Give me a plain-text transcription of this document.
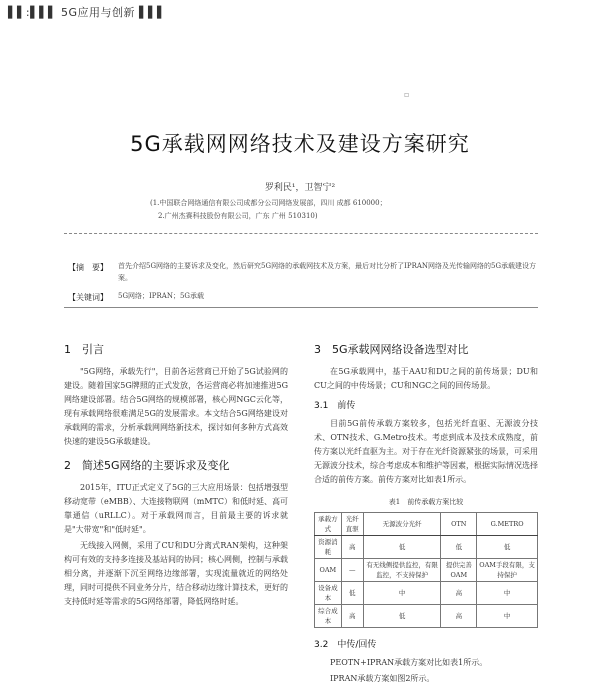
▌▌:▌▌▌ 5G应用与创新 ▌▌▌
▫
5G承载网网络技术及建设方案研究
罗利民¹，卫智宁²
(1.中国联合网络通信有限公司成都分公司网络发展部，四川 成都 610000；
2.广州杰赛科技股份有限公司，广东 广州 510310)
【摘　要】 首先介绍5G网络的主要诉求及变化，然后研究5G网络的承载网技术及方案，最后对比分析了IPRAN网络及光传输网络的5G承载建设方案。
【关键词】 5G网络；IPRAN；5G承载
1　引言

"5G网络，承载先行"，目前各运营商已开始了5G试验网的建设。随着国家5G牌照的正式发放，各运营商必将加速推进5G网络建设部署。结合5G网络的规模部署，核心网NGC云化等，现有承载网络很难满足5G的发展需求。本文结合5G网络建设对承载网的需求，分析承载网网络新技术，探讨如何多种方式高效快速的建设5G承载建设。

2　简述5G网络的主要诉求及变化

2015年，ITU正式定义了5G的三大应用场景：包括增强型移动宽带（eMBB）、大连接物联网（mMTC）和低时延、高可靠通信（uRLLC）。对于承载网而言，目前最主要的诉求就是"大带宽"和"低时延"。

无线接入网侧，采用了CU和DU分离式RAN架构，这种架构可有效的支持多连接及基站间的协同；核心网侧，控制与承载相分离，并逐渐下沉至网络边缘部署，实现流量就近的网络处理，同时可提供不同业务分片，结合移动边缘计算技术，更好的支持低时延等需求的5G网络部署，降低网络时延。

3　5G承载网网络设备选型对比

在5G承载网中，基于AAU和DU之间的前传场景；DU和CU之间的中传场景；CU和NGC之间的回传场景。

3.1　前传

目前5G前传承载方案较多，包括光纤直驱、无源波分技术、OTN技术、G.Metro技术。考虑到成本及技术成熟度，前传方案以光纤直驱为主。对于存在光纤资源紧张的场景，可采用无源波分技术，综合考虑成本和维护等因素，根据实际情况选择合适的前传方案。前传方案对比如表1所示。

表1　前传承载方案比较
承载方式	光纤直驱	无源波分光纤	OTN	G.METRO
资源消耗	高	低	低	低
OAM	—	有无线侧提供监控，有限监控，不支持保护	提供完善OAM	OAM手段有限，支持保护
设备成本	低	中	高	中
综合成本	高	低	高	中
3.2　中传/回传

PEOTN+IPRAN承载方案对比如表1所示。

IPRAN承载方案如图2所示。
